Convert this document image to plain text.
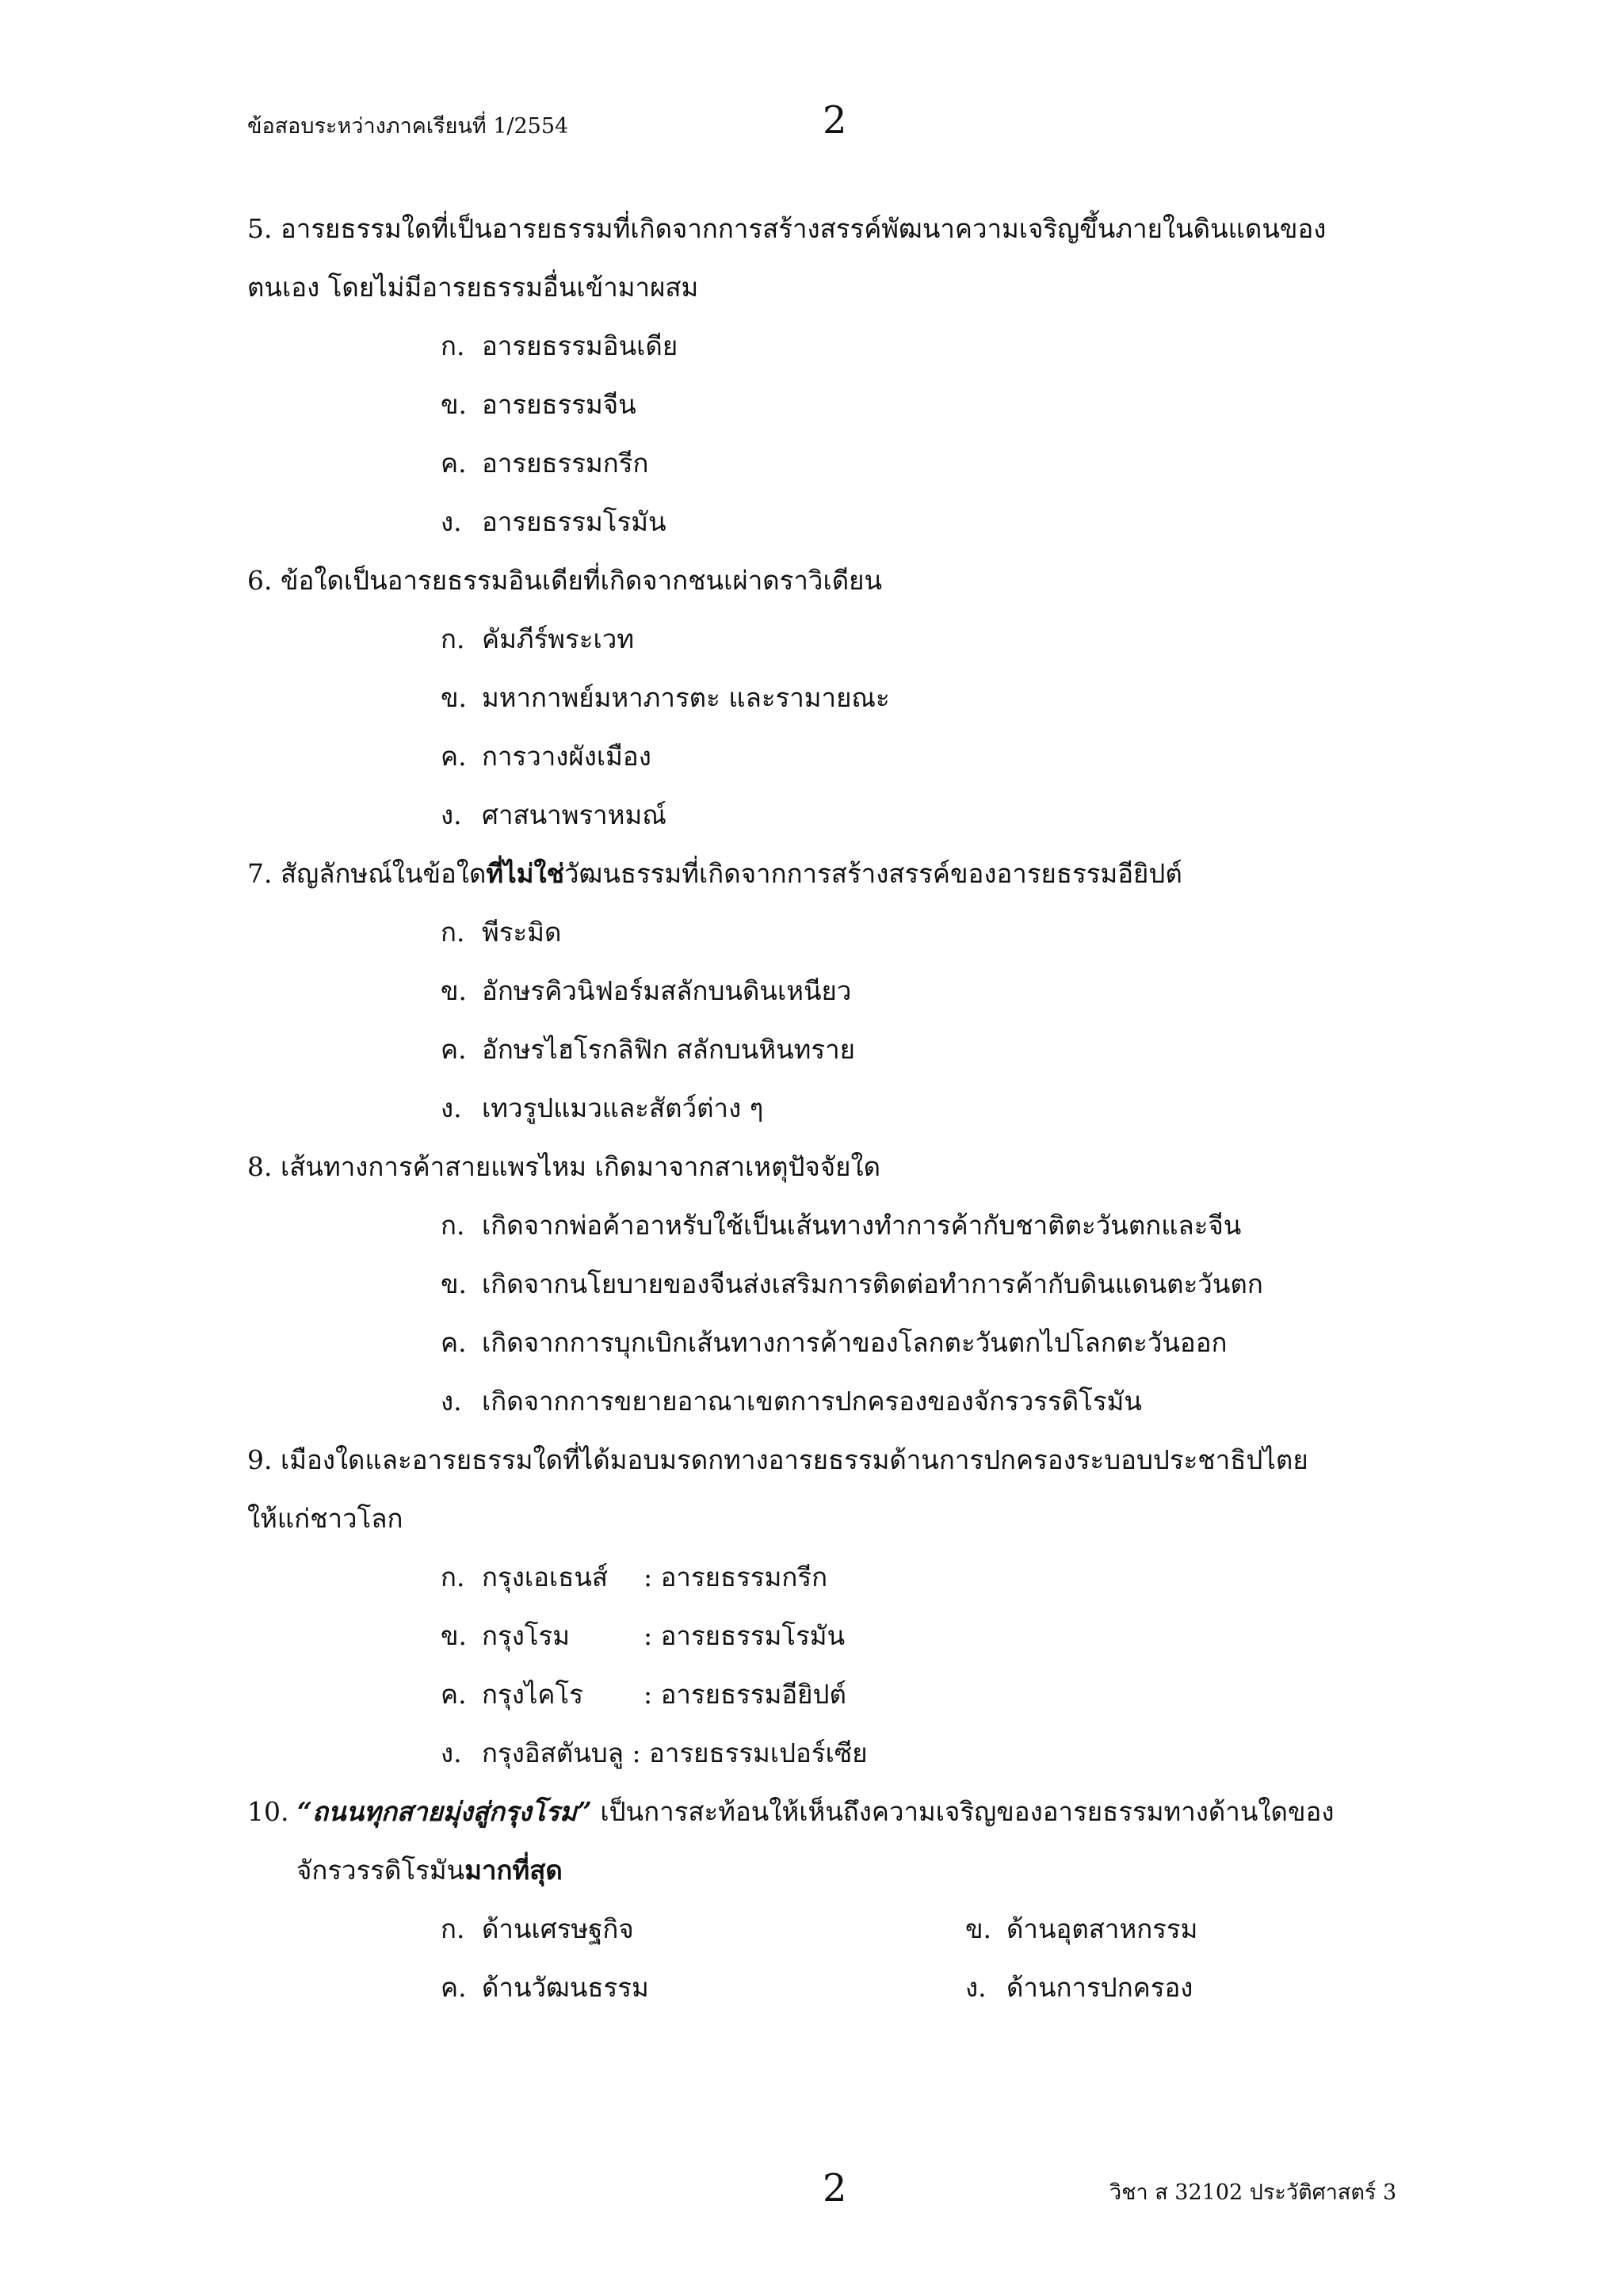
ข้อสอบระหว่างภาคเรียนที่ 1/2554	2
5. อารยธรรมใดที่เป็นอารยธรรมที่เกิดจากการสร้างสรรค์พัฒนาความเจริญขึ้นภายในดินแดนของ
ตนเอง โดยไม่มีอารยธรรมอื่นเข้ามาผสม
ก. อารยธรรมอินเดีย
ข. อารยธรรมจีน
ค. อารยธรรมกรีก
ง. อารยธรรมโรมัน
6. ข้อใดเป็นอารยธรรมอินเดียที่เกิดจากชนเผ่าดราวิเดียน
ก. คัมภีร์พระเวท
ข. มหากาพย์มหาภารตะ และรามายณะ
ค. การวางผังเมือง
ง. ศาสนาพราหมณ์
7. สัญลักษณ์ในข้อใดที่ไม่ใช่วัฒนธรรมที่เกิดจากการสร้างสรรค์ของอารยธรรมอียิปต์
ก. พีระมิด
ข. อักษรคิวนิฟอร์มสลักบนดินเหนียว
ค. อักษรไฮโรกลิฟิก สลักบนหินทราย
ง. เทวรูปแมวและสัตว์ต่าง ๆ
8. เส้นทางการค้าสายแพรไหม เกิดมาจากสาเหตุปัจจัยใด
ก. เกิดจากพ่อค้าอาหรับใช้เป็นเส้นทางทำการค้ากับชาติตะวันตกและจีน
ข. เกิดจากนโยบายของจีนส่งเสริมการติดต่อทำการค้ากับดินแดนตะวันตก
ค. เกิดจากการบุกเบิกเส้นทางการค้าของโลกตะวันตกไปโลกตะวันออก
ง. เกิดจากการขยายอาณาเขตการปกครองของจักรวรรดิโรมัน
9. เมืองใดและอารยธรรมใดที่ได้มอบมรดกทางอารยธรรมด้านการปกครองระบอบประชาธิปไตย
ให้แก่ชาวโลก
ก. กรุงเอเธนส์ : อารยธรรมกรีก
ข. กรุงโรม	: อารยธรรมโรมัน
ค. กรุงไคโร : อารยธรรมอียิปต์
ง. กรุงอิสตันบลู : อารยธรรมเปอร์เซีย
10. “ถนนทุกสายมุ่งสู่กรุงโรม” เป็นการสะท้อนให้เห็นถึงความเจริญของอารยธรรมทางด้านใดของ
จักรวรรดิโรมันมากที่สุด
ก. ด้านเศรษฐกิจ	ข. ด้านอุตสาหกรรม
ค. ด้านวัฒนธรรม	ง. ด้านการปกครอง
2	วิชา ส 32102 ประวัติศาสตร์ 3
